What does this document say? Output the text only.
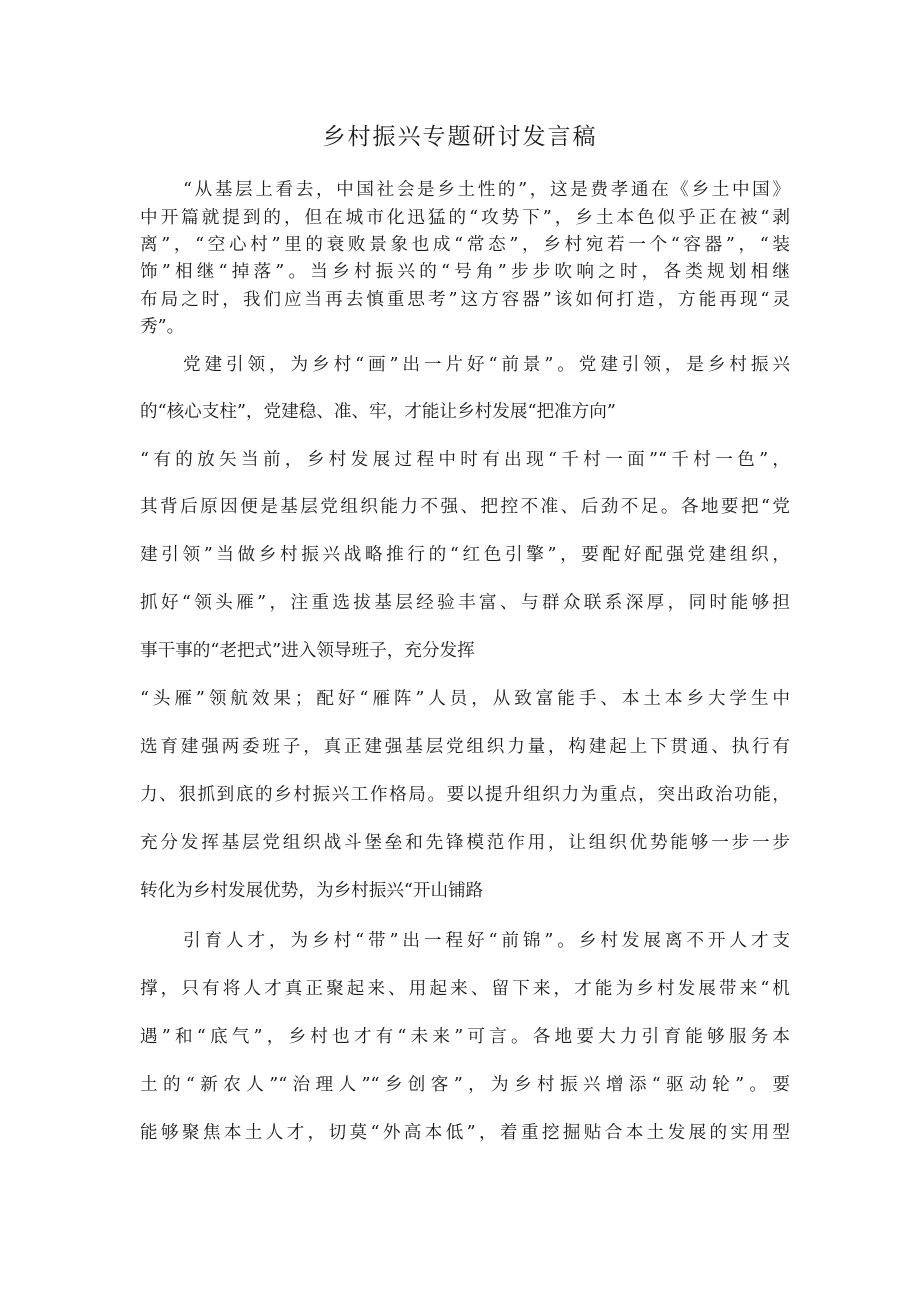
乡村振兴专题研讨发言稿

“从基层上看去，中国社会是乡土性的”，这是费孝通在《乡土中国》

中开篇就提到的，但在城市化迅猛的“攻势下”，乡土本色似乎正在被“剥

离”，“空心村”里的衰败景象也成“常态”，乡村宛若一个“容器”，“装

饰”相继“掉落”。当乡村振兴的“号角”步步吹响之时，各类规划相继

布局之时，我们应当再去慎重思考”这方容器”该如何打造，方能再现“灵

秀”。

党建引领，为乡村“画”出一片好“前景”。党建引领，是乡村振兴

的“核心支柱”，党建稳、准、牢，才能让乡村发展“把准方向”

“有的放矢当前，乡村发展过程中时有出现“千村一面”“千村一色”，

其背后原因便是基层党组织能力不强、把控不准、后劲不足。各地要把“党

建引领”当做乡村振兴战略推行的“红色引擎”，要配好配强党建组织，

抓好“领头雁”，注重选拔基层经验丰富、与群众联系深厚，同时能够担

事干事的“老把式”进入领导班子，充分发挥

“头雁”领航效果；配好“雁阵”人员，从致富能手、本土本乡大学生中

选育建强两委班子，真正建强基层党组织力量，构建起上下贯通、执行有

力、狠抓到底的乡村振兴工作格局。要以提升组织力为重点，突出政治功能，

充分发挥基层党组织战斗堡垒和先锋模范作用，让组织优势能够一步一步

转化为乡村发展优势，为乡村振兴“开山铺路

引育人才，为乡村“带”出一程好“前锦”。乡村发展离不开人才支

撑，只有将人才真正聚起来、用起来、留下来，才能为乡村发展带来“机

遇”和“底气”，乡村也才有“未来”可言。各地要大力引育能够服务本

土的“新农人”“治理人”“乡创客”，为乡村振兴增添“驱动轮”。要

能够聚焦本土人才，切莫“外高本低”，着重挖掘贴合本土发展的实用型
